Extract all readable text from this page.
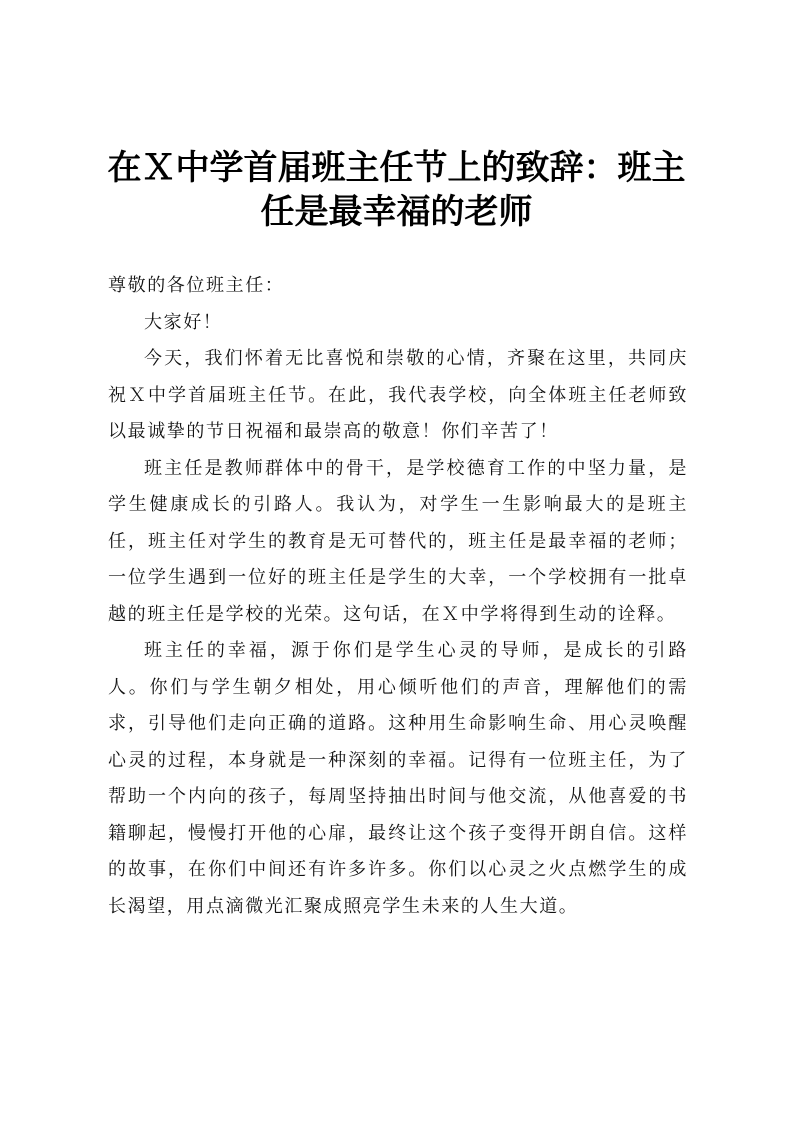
在Ｘ中学首届班主任节上的致辞：班主任是最幸福的老师

尊敬的各位班主任：

大家好！

今天，我们怀着无比喜悦和崇敬的心情，齐聚在这里，共同庆祝Ｘ中学首届班主任节。在此，我代表学校，向全体班主任老师致以最诚挚的节日祝福和最崇高的敬意！你们辛苦了！

班主任是教师群体中的骨干，是学校德育工作的中坚力量，是学生健康成长的引路人。我认为，对学生一生影响最大的是班主任，班主任对学生的教育是无可替代的，班主任是最幸福的老师；一位学生遇到一位好的班主任是学生的大幸，一个学校拥有一批卓越的班主任是学校的光荣。这句话，在Ｘ中学将得到生动的诠释。

班主任的幸福，源于你们是学生心灵的导师，是成长的引路人。你们与学生朝夕相处，用心倾听他们的声音，理解他们的需求，引导他们走向正确的道路。这种用生命影响生命、用心灵唤醒心灵的过程，本身就是一种深刻的幸福。记得有一位班主任，为了帮助一个内向的孩子，每周坚持抽出时间与他交流，从他喜爱的书籍聊起，慢慢打开他的心扉，最终让这个孩子变得开朗自信。这样的故事，在你们中间还有许多许多。你们以心灵之火点燃学生的成长渴望，用点滴微光汇聚成照亮学生未来的人生大道。
